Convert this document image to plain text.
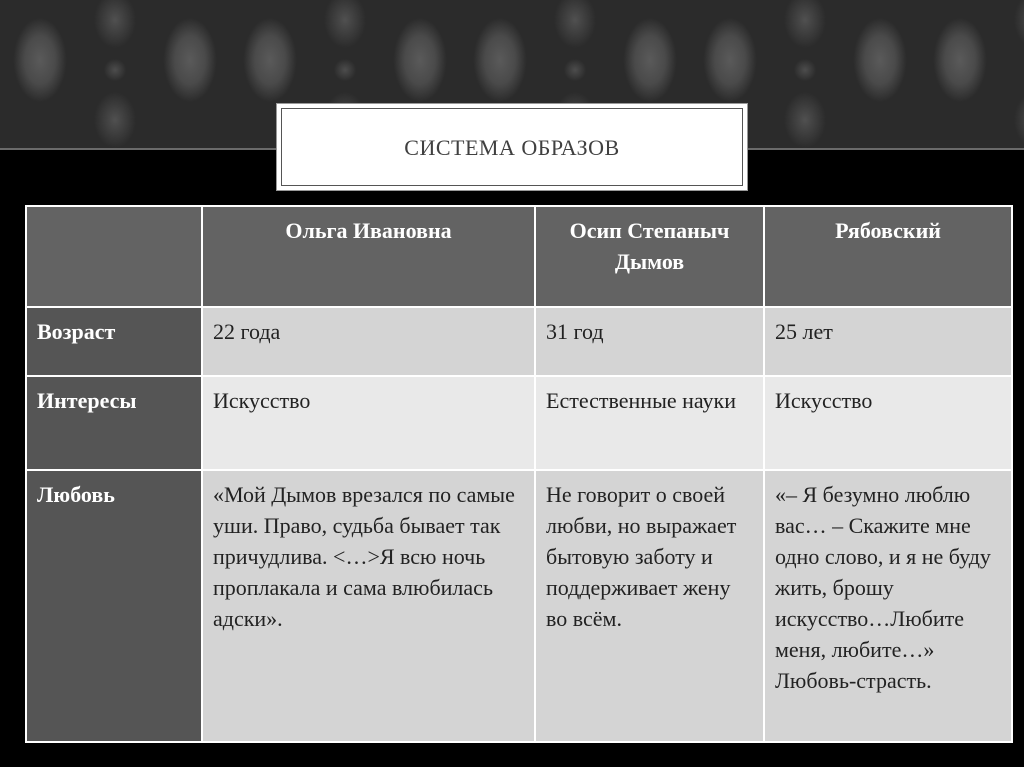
СИСТЕМА ОБРАЗОВ
	Ольга Ивановна	Осип Степаныч Дымов	Рябовский
Возраст	22 года	31 год	25 лет
Интересы	Искусство	Естественные науки	Искусство
Любовь	«Мой Дымов врезался по самые уши. Право, судьба бывает так причудлива. <…>Я всю ночь проплакала и сама влюбилась адски».	Не говорит о своей любви, но выражает бытовую заботу и поддерживает жену во всём.	«– Я безумно люблю вас… – Скажите мне одно слово, и я не буду жить, брошу искусство…Любите меня, любите…» Любовь-страсть.
